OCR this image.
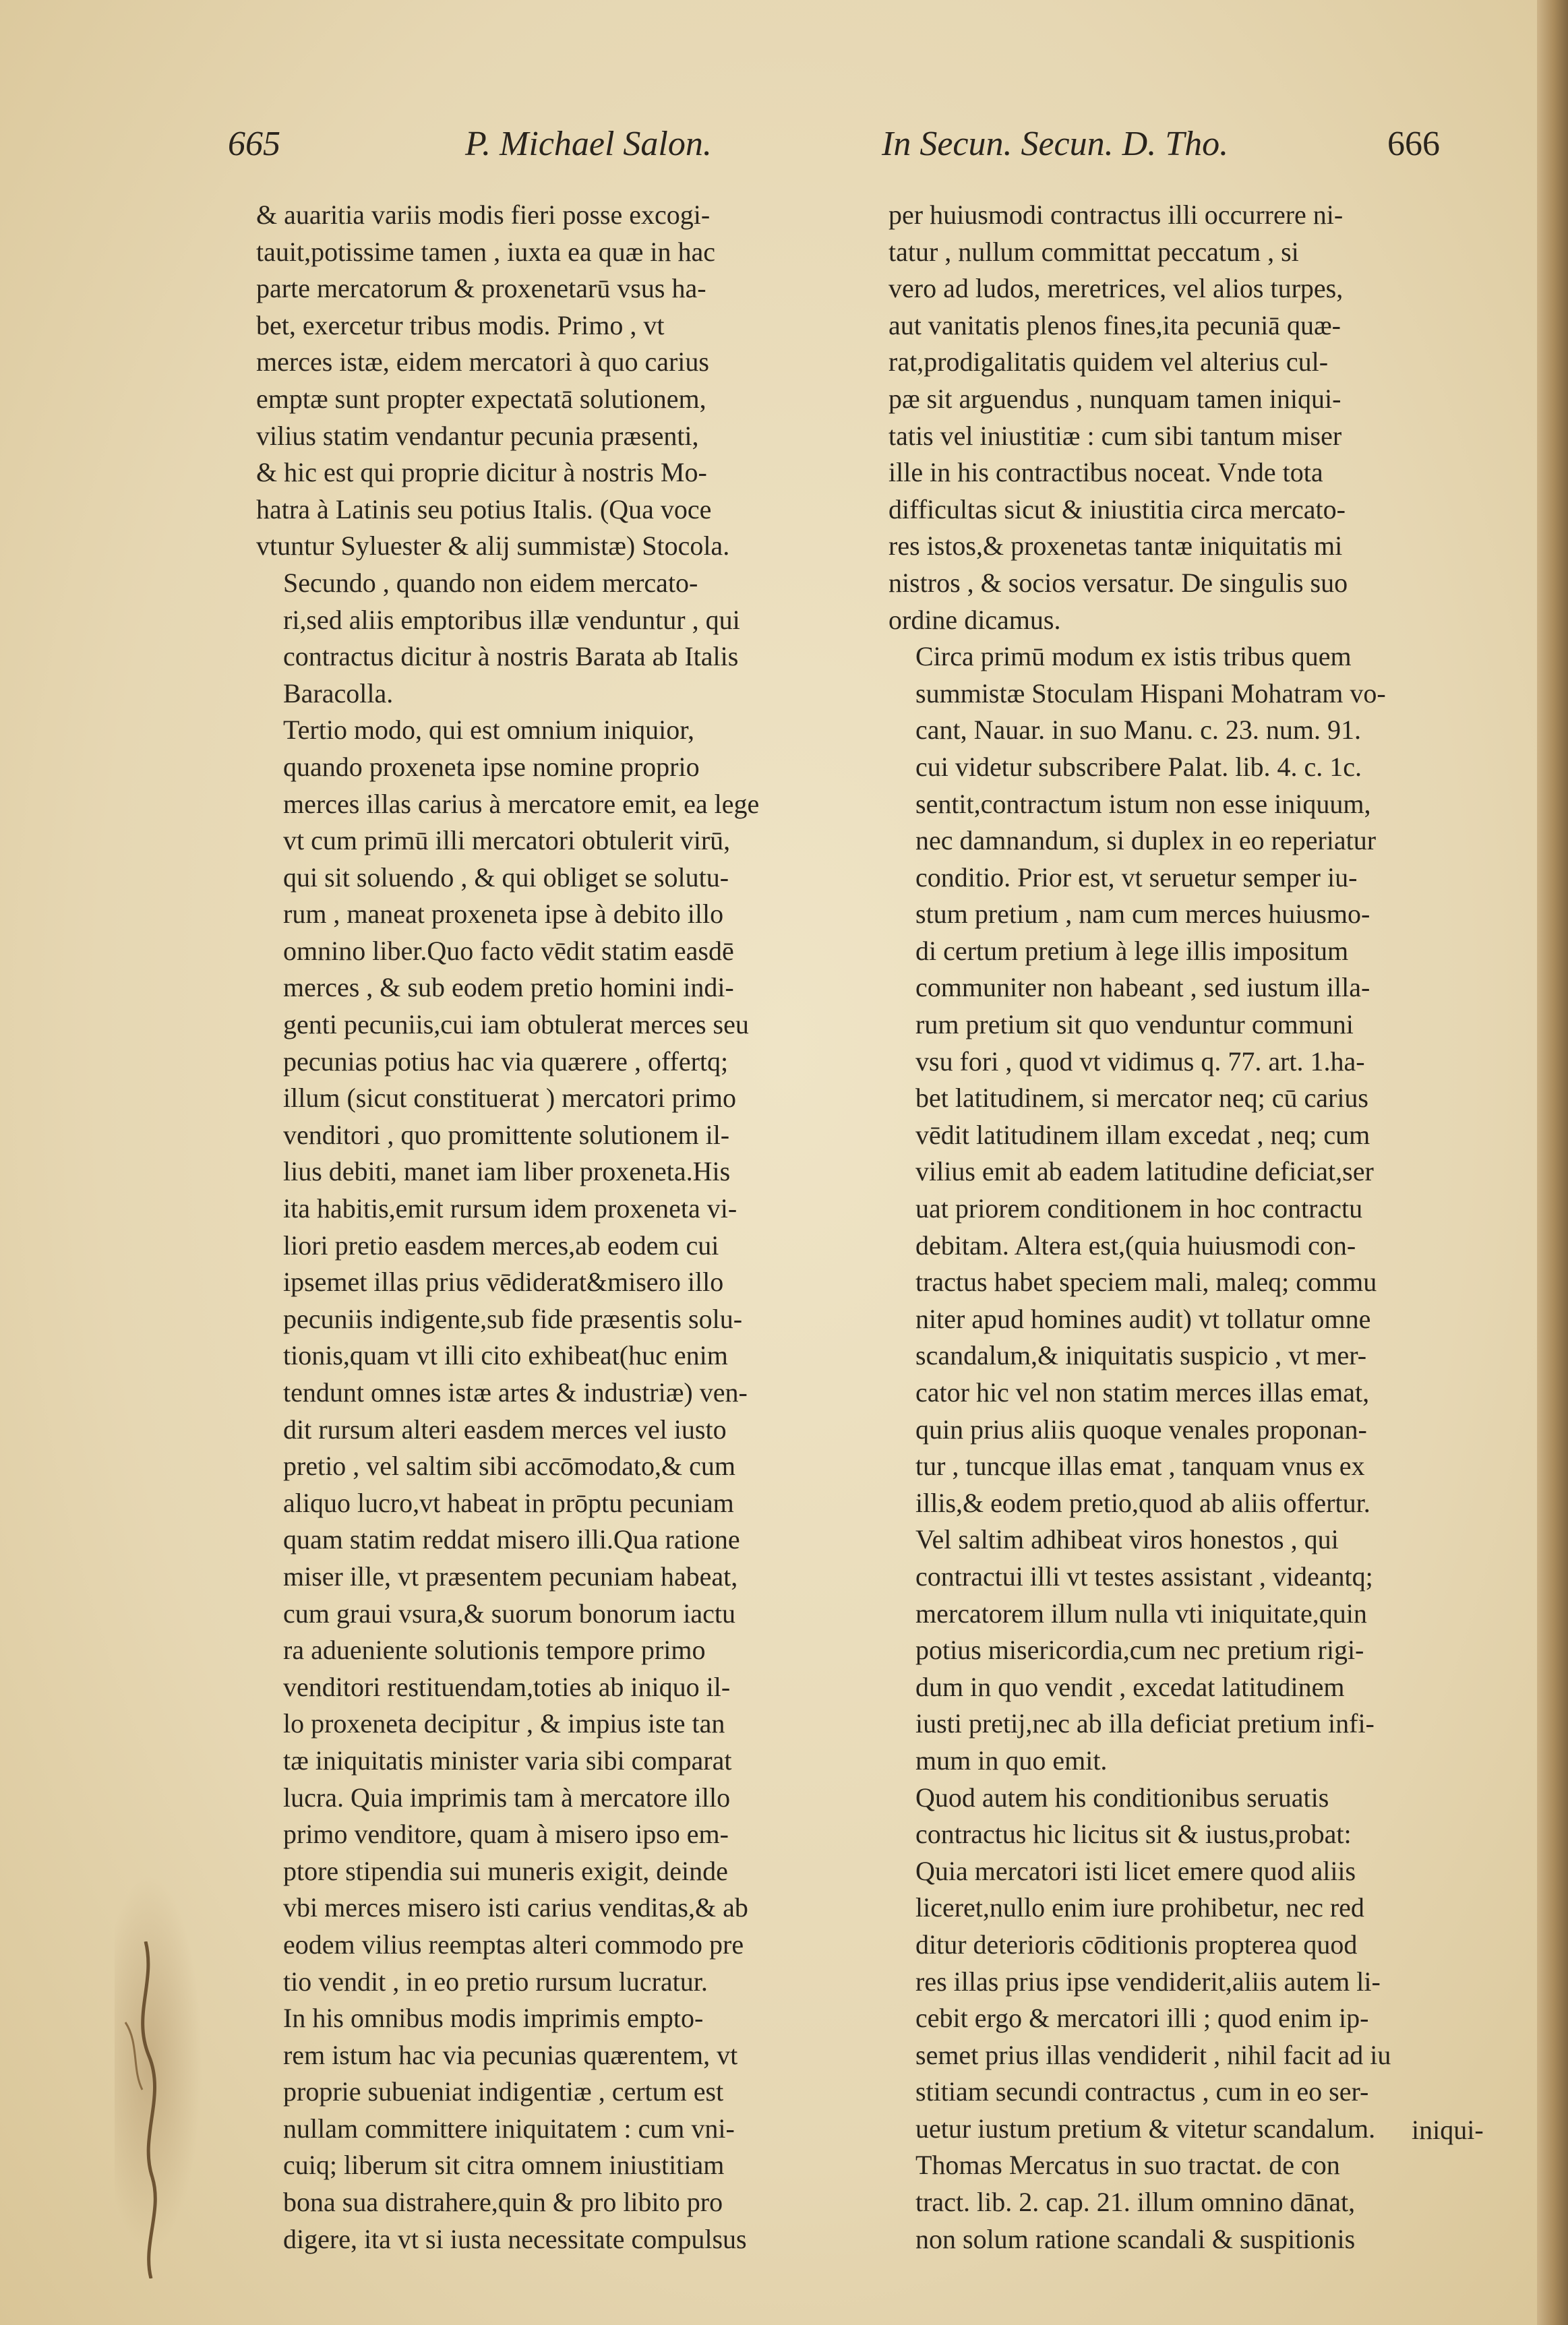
665	P. Michael Salon.	In Secun. Secun. D. Tho.	666

& auaritia variis modis fieri posse excogi-
tauit,potissime tamen , iuxta ea quæ in hac
parte mercatorum & proxenetarū vsus ha-
bet, exercetur tribus modis. Primo , vt
merces istæ, eidem mercatori à quo carius
emptæ sunt propter expectatā solutionem,
vilius statim vendantur pecunia præsenti,
& hic est qui proprie dicitur à nostris Mo-
hatra à Latinis seu potius Italis. (Qua voce
vtuntur Syluester & alij summistæ) Stocola.

Secundo , quando non eidem mercato-
ri,sed aliis emptoribus illæ venduntur , qui
contractus dicitur à nostris Barata ab Italis
Baracolla.

Tertio modo, qui est omnium iniquior,
quando proxeneta ipse nomine proprio
merces illas carius à mercatore emit, ea lege
vt cum primū illi mercatori obtulerit virū,
qui sit soluendo , & qui obliget se solutu-
rum , maneat proxeneta ipse à debito illo
omnino liber.Quo facto vēdit statim easdē
merces , & sub eodem pretio homini indi-
genti pecuniis,cui iam obtulerat merces seu
pecunias potius hac via quærere , offertq;
illum (sicut constituerat ) mercatori primo
venditori , quo promittente solutionem il-
lius debiti, manet iam liber proxeneta.His
ita habitis,emit rursum idem proxeneta vi-
liori pretio easdem merces,ab eodem cui
ipsemet illas prius vēdiderat&misero illo
pecuniis indigente,sub fide præsentis solu-
tionis,quam vt illi cito exhibeat(huc enim
tendunt omnes istæ artes & industriæ) ven-
dit rursum alteri easdem merces vel iusto
pretio , vel saltim sibi accōmodato,& cum
aliquo lucro,vt habeat in prōptu pecuniam
quam statim reddat misero illi.Qua ratione
miser ille, vt præsentem pecuniam habeat,
cum graui vsura,& suorum bonorum iactu
ra adueniente solutionis tempore primo
venditori restituendam,toties ab iniquo il-
lo proxeneta decipitur , & impius iste tan
tæ iniquitatis minister varia sibi comparat
lucra. Quia imprimis tam à mercatore illo
primo venditore, quam à misero ipso em-
ptore stipendia sui muneris exigit, deinde
vbi merces misero isti carius venditas,& ab
eodem vilius reemptas alteri commodo pre
tio vendit , in eo pretio rursum lucratur.

In his omnibus modis imprimis empto-
rem istum hac via pecunias quærentem, vt
proprie subueniat indigentiæ , certum est
nullam committere iniquitatem : cum vni-
cuiq; liberum sit citra omnem iniustitiam
bona sua distrahere,quin & pro libito pro
digere, ita vt si iusta necessitate compulsus

per huiusmodi contractus illi occurrere ni-
tatur , nullum committat peccatum , si
vero ad ludos, meretrices, vel alios turpes,
aut vanitatis plenos fines,ita pecuniā quæ-
rat,prodigalitatis quidem vel alterius cul-
pæ sit arguendus , nunquam tamen iniqui-
tatis vel iniustitiæ : cum sibi tantum miser
ille in his contractibus noceat. Vnde tota
difficultas sicut & iniustitia circa mercato-
res istos,& proxenetas tantæ iniquitatis mi
nistros , & socios versatur. De singulis suo
ordine dicamus.

Circa primū modum ex istis tribus quem
summistæ Stoculam Hispani Mohatram vo-
cant, Nauar. in suo Manu. c. 23. num. 91.
cui videtur subscribere Palat. lib. 4. c. 1c.
sentit,contractum istum non esse iniquum,
nec damnandum, si duplex in eo reperiatur
conditio. Prior est, vt seruetur semper iu-
stum pretium , nam cum merces huiusmo-
di certum pretium à lege illis impositum
communiter non habeant , sed iustum illa-
rum pretium sit quo venduntur communi
vsu fori , quod vt vidimus q. 77. art. 1.ha-
bet latitudinem, si mercator neq; cū carius
vēdit latitudinem illam excedat , neq; cum
vilius emit ab eadem latitudine deficiat,ser
uat priorem conditionem in hoc contractu
debitam. Altera est,(quia huiusmodi con-
tractus habet speciem mali, maleq; commu
niter apud homines audit) vt tollatur omne
scandalum,& iniquitatis suspicio , vt mer-
cator hic vel non statim merces illas emat,
quin prius aliis quoque venales proponan-
tur , tuncque illas emat , tanquam vnus ex
illis,& eodem pretio,quod ab aliis offertur.
Vel saltim adhibeat viros honestos , qui
contractui illi vt testes assistant , videantq;
mercatorem illum nulla vti iniquitate,quin
potius misericordia,cum nec pretium rigi-
dum in quo vendit , excedat latitudinem
iusti pretij,nec ab illa deficiat pretium infi-
mum in quo emit.

Quod autem his conditionibus seruatis
contractus hic licitus sit & iustus,probat:
Quia mercatori isti licet emere quod aliis
liceret,nullo enim iure prohibetur, nec red
ditur deterioris cōditionis propterea quod
res illas prius ipse vendiderit,aliis autem li-
cebit ergo & mercatori illi ; quod enim ip-
semet prius illas vendiderit , nihil facit ad iu
stitiam secundi contractus , cum in eo ser-
uetur iustum pretium & vitetur scandalum.

Thomas Mercatus in suo tractat. de con
tract. lib. 2. cap. 21. illum omnino dānat,
non solum ratione scandali & suspitionis

iniqui-
